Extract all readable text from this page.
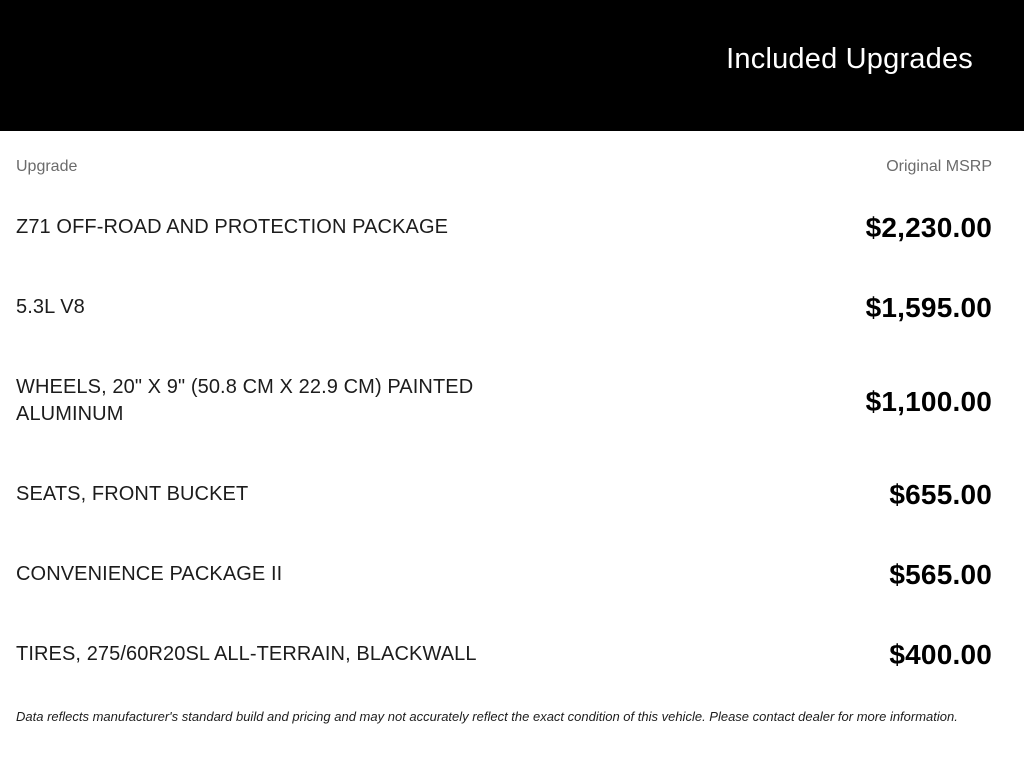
Included Upgrades
Upgrade	Original MSRP
Z71 OFF-ROAD AND PROTECTION PACKAGE	$2,230.00
5.3L V8	$1,595.00
WHEELS, 20" X 9" (50.8 CM X 22.9 CM) PAINTED ALUMINUM	$1,100.00
SEATS, FRONT BUCKET	$655.00
CONVENIENCE PACKAGE II	$565.00
TIRES, 275/60R20SL ALL-TERRAIN, BLACKWALL	$400.00

Data reflects manufacturer's standard build and pricing and may not accurately reflect the exact condition of this vehicle. Please contact dealer for more information.
